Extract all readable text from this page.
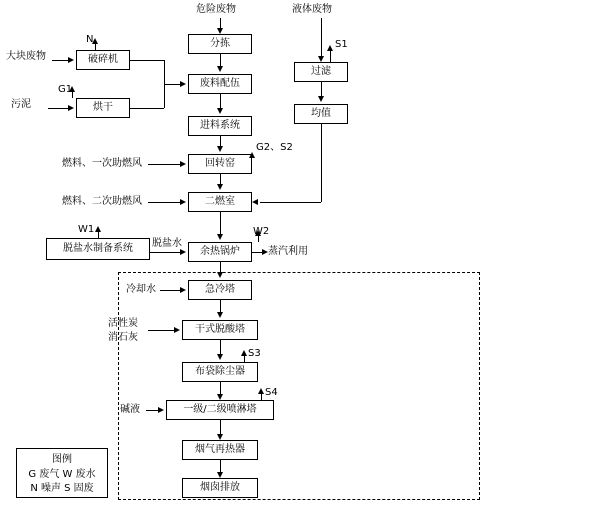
危险废物	液体废物
大块废物
污泥
分拣
废料配伍
进料系统
回转窑
二燃室
余热锅炉
破碎机
烘干
过滤
均值
脱盐水制备系统
急冷塔
干式脱酸塔
布袋除尘器
一级/二级喷淋塔
烟气再热器
烟囱排放
N
G1
S1
G2、S2
W1	W2
S3
S4
燃料、一次助燃风
燃料、二次助燃风
脱盐水
蒸汽利用
冷却水
活性炭
消石灰
碱液
图例
G 废气 W 废水
N 噪声 S 固废
